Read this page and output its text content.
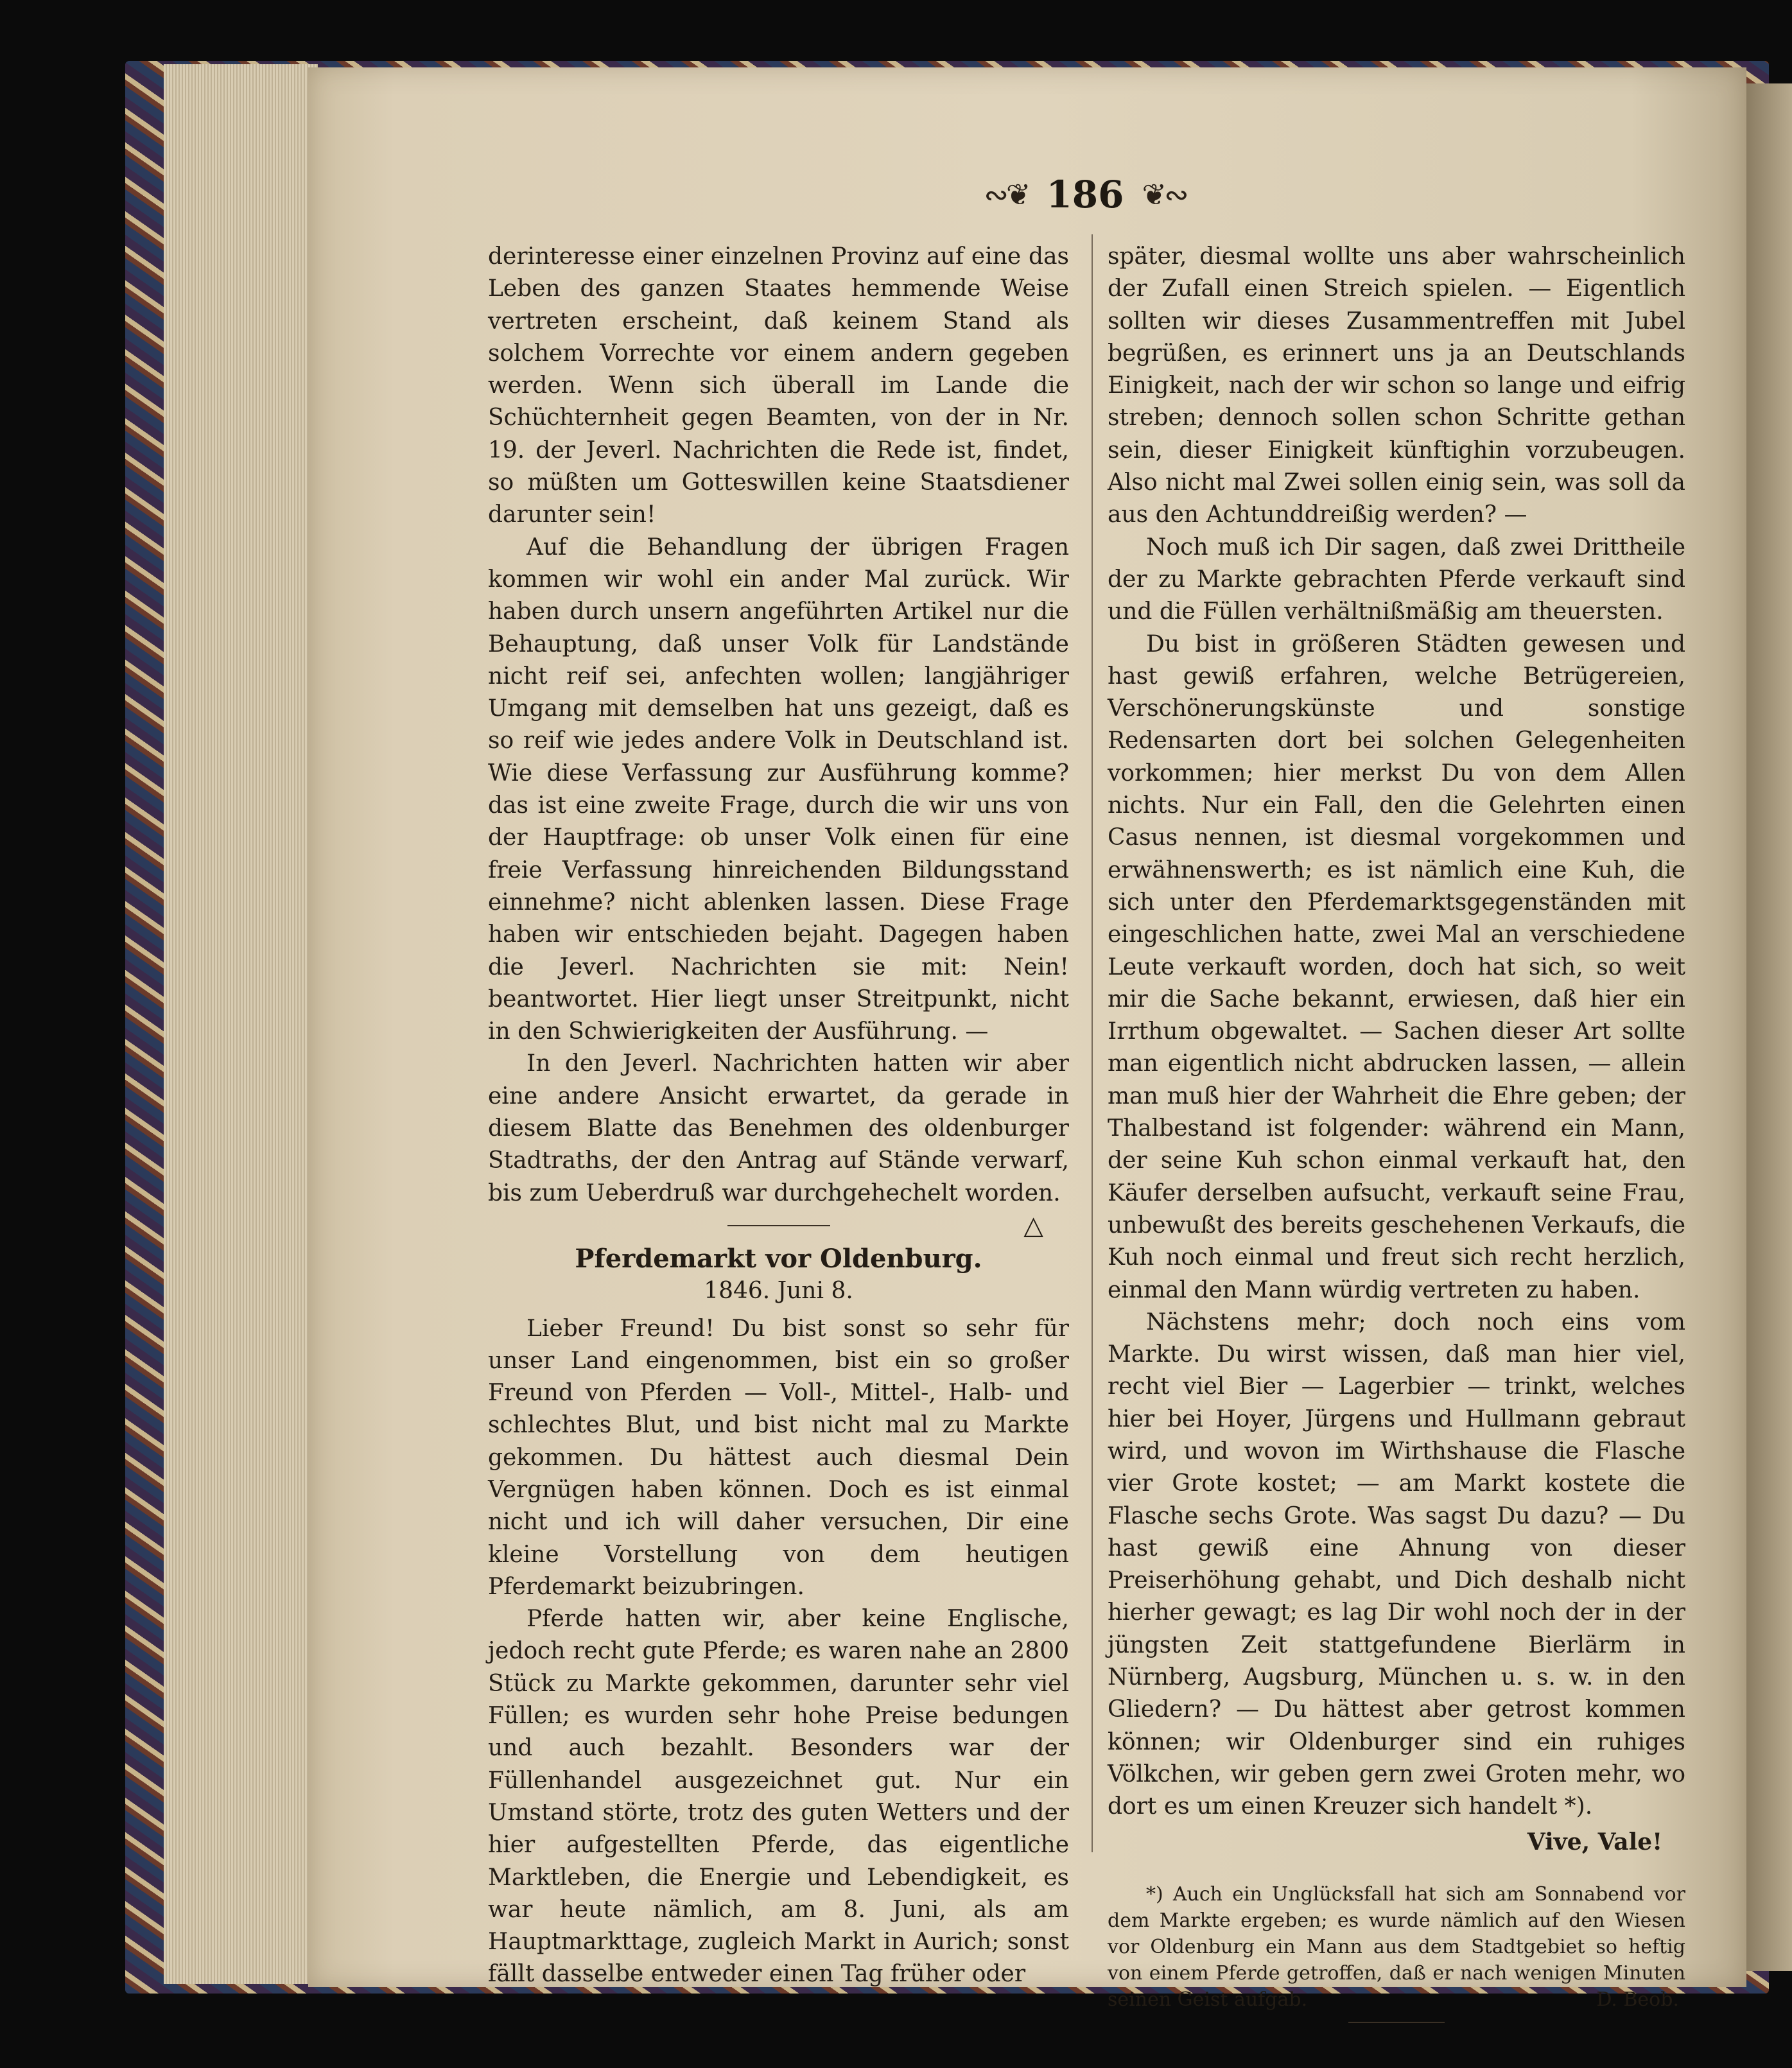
∾❦ 186 ❦∾

derinteresse einer einzelnen Provinz auf eine das Leben des ganzen Staates hemmende Weise vertreten erscheint, daß keinem Stand als solchem Vorrechte vor einem andern gegeben werden. Wenn sich überall im Lande die Schüchternheit gegen Beamten, von der in Nr. 19. der Jeverl. Nachrichten die Rede ist, findet, so müßten um Gotteswillen keine Staatsdiener darunter sein!

Auf die Behandlung der übrigen Fragen kommen wir wohl ein ander Mal zurück. Wir haben durch unsern angeführten Artikel nur die Behauptung, daß unser Volk für Landstände nicht reif sei, anfechten wollen; langjähriger Umgang mit demselben hat uns gezeigt, daß es so reif wie jedes andere Volk in Deutschland ist. Wie diese Verfassung zur Ausführung komme? das ist eine zweite Frage, durch die wir uns von der Hauptfrage: ob unser Volk einen für eine freie Verfassung hinreichenden Bildungsstand einnehme? nicht ablenken lassen. Diese Frage haben wir entschieden bejaht. Dagegen haben die Jeverl. Nachrichten sie mit: Nein! beantwortet. Hier liegt unser Streitpunkt, nicht in den Schwierigkeiten der Ausführung. —

In den Jeverl. Nachrichten hatten wir aber eine andere Ansicht erwartet, da gerade in diesem Blatte das Benehmen des oldenburger Stadtraths, der den Antrag auf Stände verwarf, bis zum Ueberdruß war durchgehechelt worden.
△

Pferdemarkt vor Oldenburg.
1846. Juni 8.

Lieber Freund! Du bist sonst so sehr für unser Land eingenommen, bist ein so großer Freund von Pferden — Voll-, Mittel-, Halb- und schlechtes Blut, und bist nicht mal zu Markte gekommen. Du hättest auch diesmal Dein Vergnügen haben können. Doch es ist einmal nicht und ich will daher versuchen, Dir eine kleine Vorstellung von dem heutigen Pferdemarkt beizubringen.

Pferde hatten wir, aber keine Englische, jedoch recht gute Pferde; es waren nahe an 2800 Stück zu Markte gekommen, darunter sehr viel Füllen; es wurden sehr hohe Preise bedungen und auch bezahlt. Besonders war der Füllenhandel ausgezeichnet gut. Nur ein Umstand störte, trotz des guten Wetters und der hier aufgestellten Pferde, das eigentliche Marktleben, die Energie und Lebendigkeit, es war heute nämlich, am 8. Juni, als am Hauptmarkttage, zugleich Markt in Aurich; sonst fällt dasselbe entweder einen Tag früher oder

später, diesmal wollte uns aber wahrscheinlich der Zufall einen Streich spielen. — Eigentlich sollten wir dieses Zusammentreffen mit Jubel begrüßen, es erinnert uns ja an Deutschlands Einigkeit, nach der wir schon so lange und eifrig streben; dennoch sollen schon Schritte gethan sein, dieser Einigkeit künftighin vorzubeugen. Also nicht mal Zwei sollen einig sein, was soll da aus den Achtunddreißig werden? —

Noch muß ich Dir sagen, daß zwei Drittheile der zu Markte gebrachten Pferde verkauft sind und die Füllen verhältnißmäßig am theuersten.

Du bist in größeren Städten gewesen und hast gewiß erfahren, welche Betrügereien, Verschönerungskünste und sonstige Redensarten dort bei solchen Gelegenheiten vorkommen; hier merkst Du von dem Allen nichts. Nur ein Fall, den die Gelehrten einen Casus nennen, ist diesmal vorgekommen und erwähnenswerth; es ist nämlich eine Kuh, die sich unter den Pferdemarktsgegenständen mit eingeschlichen hatte, zwei Mal an verschiedene Leute verkauft worden, doch hat sich, so weit mir die Sache bekannt, erwiesen, daß hier ein Irrthum obgewaltet. — Sachen dieser Art sollte man eigentlich nicht abdrucken lassen, — allein man muß hier der Wahrheit die Ehre geben; der Thalbestand ist folgender: während ein Mann, der seine Kuh schon einmal verkauft hat, den Käufer derselben aufsucht, verkauft seine Frau, unbewußt des bereits geschehenen Verkaufs, die Kuh noch einmal und freut sich recht herzlich, einmal den Mann würdig vertreten zu haben.

Nächstens mehr; doch noch eins vom Markte. Du wirst wissen, daß man hier viel, recht viel Bier — Lagerbier — trinkt, welches hier bei Hoyer, Jürgens und Hullmann gebraut wird, und wovon im Wirthshause die Flasche vier Grote kostet; — am Markt kostete die Flasche sechs Grote. Was sagst Du dazu? — Du hast gewiß eine Ahnung von dieser Preiserhöhung gehabt, und Dich deshalb nicht hierher gewagt; es lag Dir wohl noch der in der jüngsten Zeit stattgefundene Bierlärm in Nürnberg, Augsburg, München u. s. w. in den Gliedern? — Du hättest aber getrost kommen können; wir Oldenburger sind ein ruhiges Völkchen, wir geben gern zwei Groten mehr, wo dort es um einen Kreuzer sich handelt *).

Vive, Vale!

*) Auch ein Unglücksfall hat sich am Sonnabend vor dem Markte ergeben; es wurde nämlich auf den Wiesen vor Oldenburg ein Mann aus dem Stadtgebiet so heftig von einem Pferde getroffen, daß er nach wenigen Minuten seinen Geist aufgab.	D. Beob.
